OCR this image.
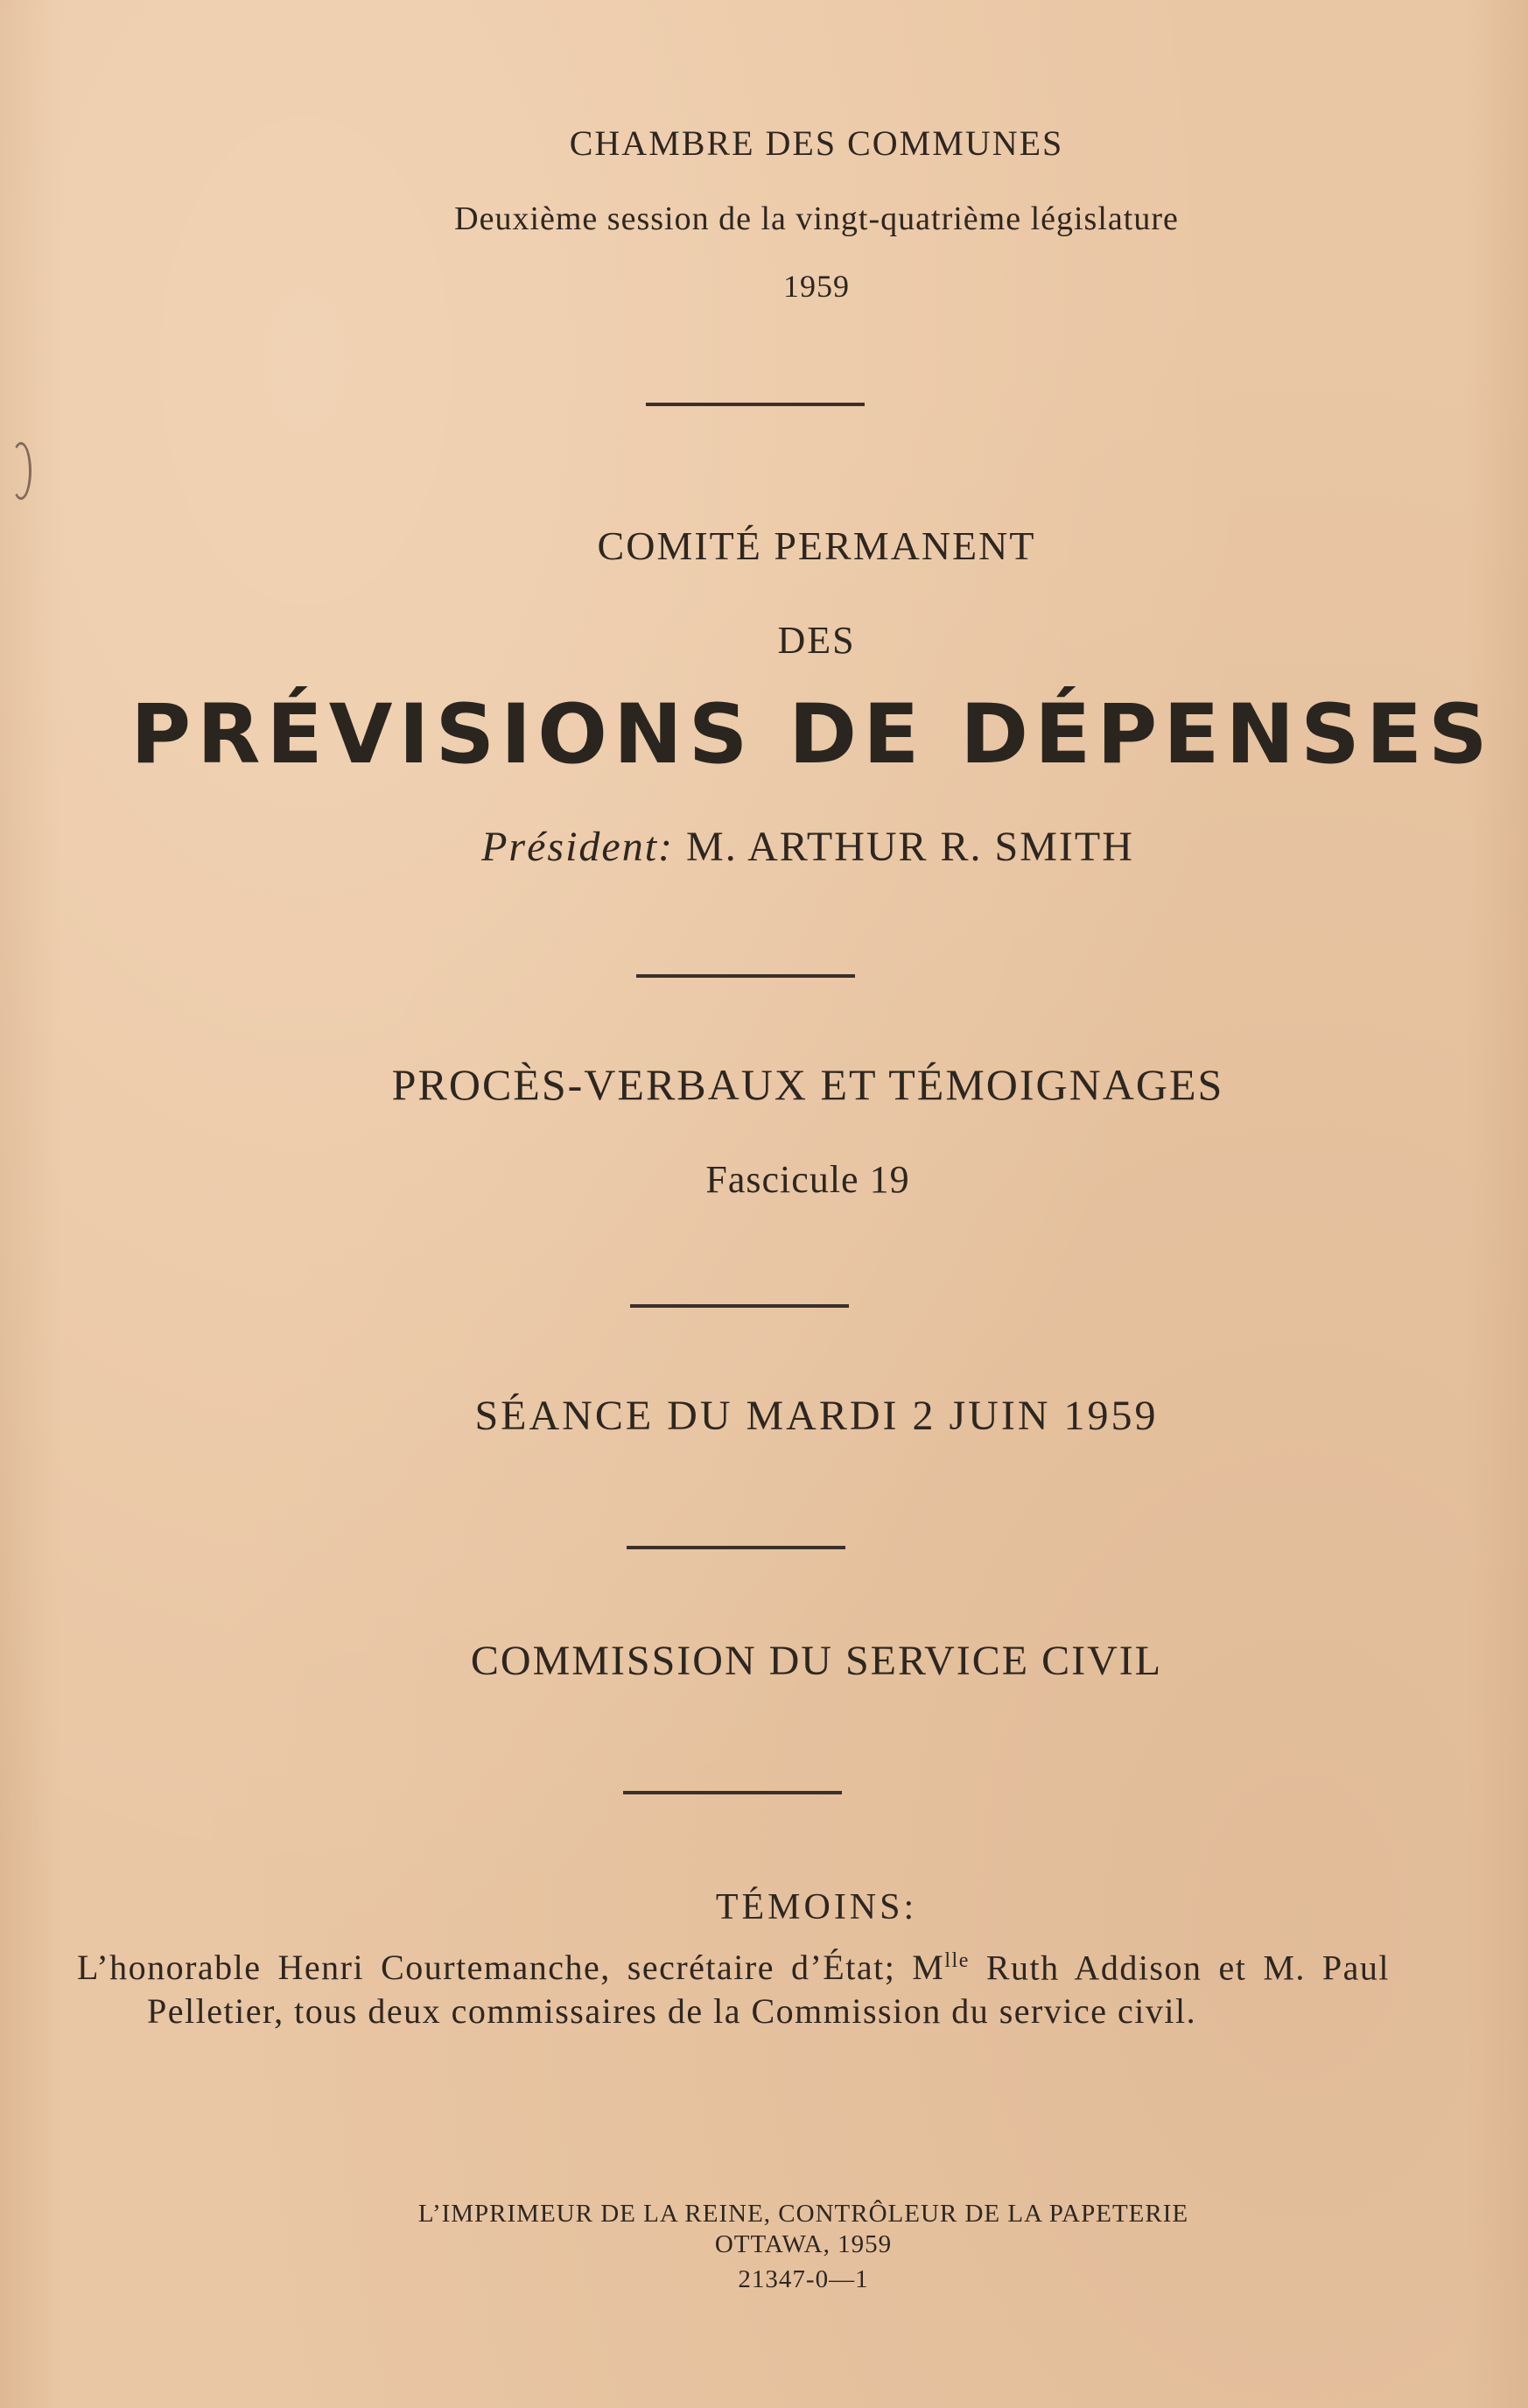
CHAMBRE DES COMMUNES
Deuxième session de la vingt-quatrième législature
1959
COMITÉ PERMANENT
DES
PRÉVISIONS DE DÉPENSES
Président: M. ARTHUR R. SMITH
PROCÈS-VERBAUX ET TÉMOIGNAGES
Fascicule 19
SÉANCE DU MARDI 2 JUIN 1959
COMMISSION DU SERVICE CIVIL
TÉMOINS:
L’honorable Henri Courtemanche, secrétaire d’État; $M^{lle}$ Ruth Addison et M. Paul Pelletier, tous deux commissaires de la Commission du service civil.
L’IMPRIMEUR DE LA REINE, CONTRÔLEUR DE LA PAPETERIE
OTTAWA, 1959
21347-0—1
